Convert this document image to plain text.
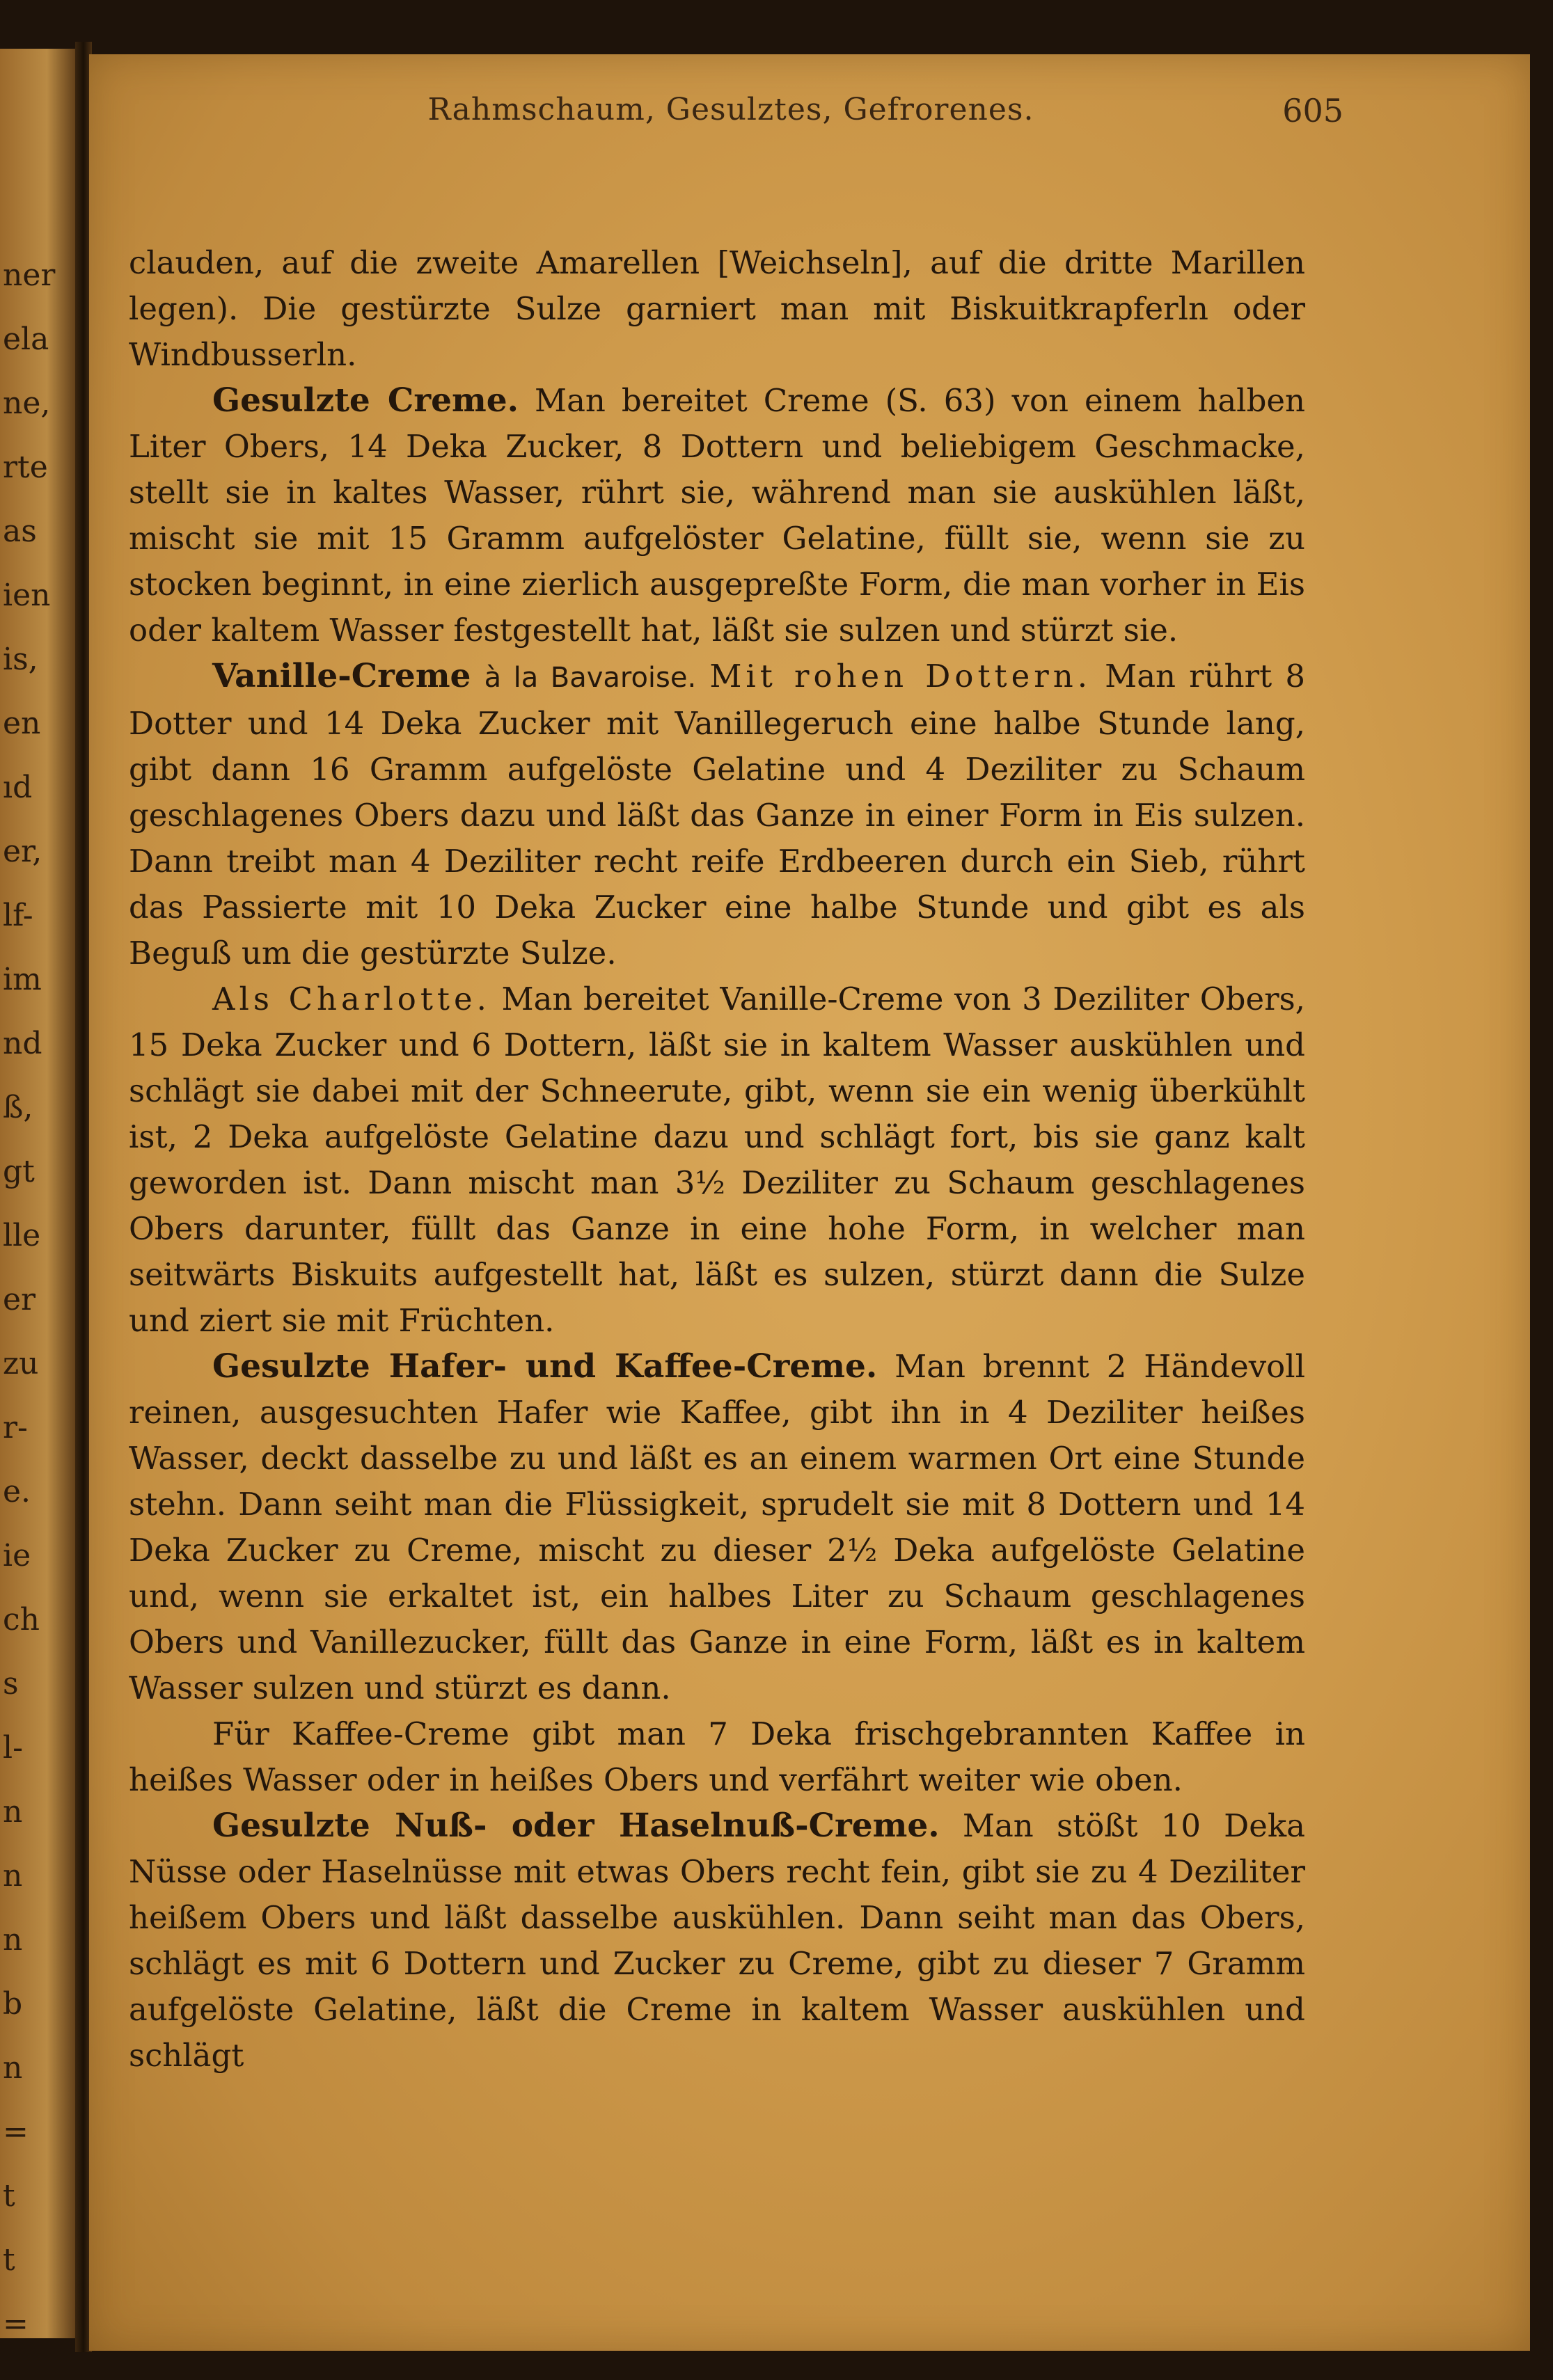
ner
ela
ne,
rte
as
ien
is,
en
ıd
er,
lf-
im
nd
ß,
gt
lle
er
zu
r-
e.
ie
ch
s
l-
n
n
n
b
n
=
t
t
=
Rahmschaum, Gesulztes, Gefrorenes.	605

clauden, auf die zweite Amarellen [Weichseln], auf die dritte Marillen legen). Die gestürzte Sulze garniert man mit Biskuitkrapferln oder Windbusserln.

Gesulzte Creme. Man bereitet Creme (S. 63) von einem halben Liter Obers, 14 Deka Zucker, 8 Dottern und beliebigem Geschmacke, stellt sie in kaltes Wasser, rührt sie, während man sie auskühlen läßt, mischt sie mit 15 Gramm aufgelöster Gelatine, füllt sie, wenn sie zu stocken beginnt, in eine zierlich ausgepreßte Form, die man vorher in Eis oder kaltem Wasser festgestellt hat, läßt sie sulzen und stürzt sie.

Vanille-Creme à la Bavaroise. Mit rohen Dottern. Man rührt 8 Dotter und 14 Deka Zucker mit Vanillegeruch eine halbe Stunde lang, gibt dann 16 Gramm aufgelöste Gelatine und 4 Deziliter zu Schaum geschlagenes Obers dazu und läßt das Ganze in einer Form in Eis sulzen. Dann treibt man 4 Deziliter recht reife Erdbeeren durch ein Sieb, rührt das Passierte mit 10 Deka Zucker eine halbe Stunde und gibt es als Beguß um die gestürzte Sulze.

Als Charlotte. Man bereitet Vanille-Creme von 3 Deziliter Obers, 15 Deka Zucker und 6 Dottern, läßt sie in kaltem Wasser auskühlen und schlägt sie dabei mit der Schneerute, gibt, wenn sie ein wenig überkühlt ist, 2 Deka aufgelöste Gelatine dazu und schlägt fort, bis sie ganz kalt geworden ist. Dann mischt man 3½ Deziliter zu Schaum geschlagenes Obers darunter, füllt das Ganze in eine hohe Form, in welcher man seitwärts Biskuits aufgestellt hat, läßt es sulzen, stürzt dann die Sulze und ziert sie mit Früchten.

Gesulzte Hafer- und Kaffee-Creme. Man brennt 2 Händevoll reinen, ausgesuchten Hafer wie Kaffee, gibt ihn in 4 Deziliter heißes Wasser, deckt dasselbe zu und läßt es an einem warmen Ort eine Stunde stehn. Dann seiht man die Flüssigkeit, sprudelt sie mit 8 Dottern und 14 Deka Zucker zu Creme, mischt zu dieser 2½ Deka aufgelöste Gelatine und, wenn sie erkaltet ist, ein halbes Liter zu Schaum geschlagenes Obers und Vanillezucker, füllt das Ganze in eine Form, läßt es in kaltem Wasser sulzen und stürzt es dann.

Für Kaffee-Creme gibt man 7 Deka frischgebrannten Kaffee in heißes Wasser oder in heißes Obers und verfährt weiter wie oben.

Gesulzte Nuß- oder Haselnuß-Creme. Man stößt 10 Deka Nüsse oder Haselnüsse mit etwas Obers recht fein, gibt sie zu 4 Deziliter heißem Obers und läßt dasselbe auskühlen. Dann seiht man das Obers, schlägt es mit 6 Dottern und Zucker zu Creme, gibt zu dieser 7 Gramm aufgelöste Gelatine, läßt die Creme in kaltem Wasser auskühlen und schlägt
